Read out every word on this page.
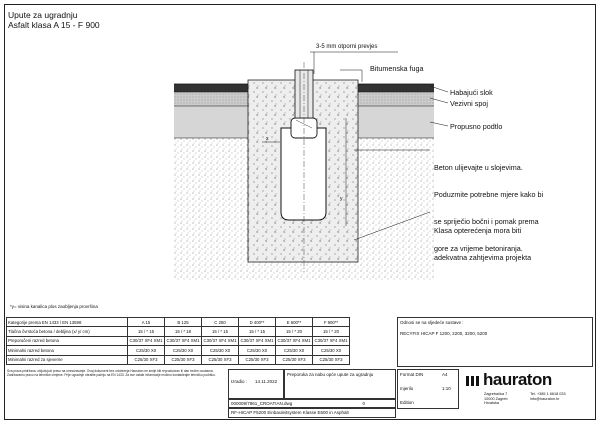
Upute za ugradnju
Asfalt klasa A 15 - F 900
x
y
3-5 mm otporni prevjes
Bitumenska fuga
Habajući slok
Vezivni spoj
Propusno podtlo

Beton ulijevajte u slojevima.

Poduzmite potrebne mjere kako bi

se spriječio bočni i pomak prema

gore za vrijeme betoniranja.

Klasa opterećenja mora biti

adekvatna zahtjevima projekta

*y= visina kanalica plus zaobljenja provršina
Kategorije prema EN 1433 / EN 13598	A 15	B 125	C 250	D 400**	E 600**	F 900**
Tlačna čvrstoća betona / debljina (x/ y/ cm)	15 / * 15	15 / * 18	15 / * 15	15 / * 15	15 / * 20	15 / * 20
Preporučeni razred betona	C30/37 XF4 XM1	C30/37 XF4 XM1	C30/37 XF4 XM1	C30/37 XF4 XM1	C30/37 XF4 XM1	C30/37 XF4 XM1
Minimalni razred betona	C25/30 X0	C25/30 X0	C25/30 X0	C25/30 X0	C25/30 X0	C25/30 X0
Minimalni razred za sjeverne	C25/30 XF3	C25/30 XF3	C25/30 XF3	C25/30 XF3	C25/30 XF3	C25/30 XF3
Sva prava pridržana, uključujući pravo na umnožavanje. Ovaj dokument bez odobrenja Hauraton ne smije biti reproduciran ili dan trećim osobama. Zadržavamo pravo na tehničke izmjene. Prije ugradnje obratite pažnju na EN 1433. Za sve ostale informacije molimo kontaktirajte tehničku podršku.
Odnosi se na sljedeće sustave :
RECYFIX HICAP F 1200, 2200, 3200, 5200
Izradio : 14.11.2022
Preporuka za nabu opće upute za ugradnju
000009/7861_CROATIAN.dwg	0
RF-HICAP F5200 Einbauleitsystem Klasse E600 in Asphalt
Format DIN	A4
mjerilo	1:10
Edition
hauraton
Zagrebačka 7
10000 Zagreb
Hrvatska
Tel. +385 1 6618 033
info@hauraton.hr
